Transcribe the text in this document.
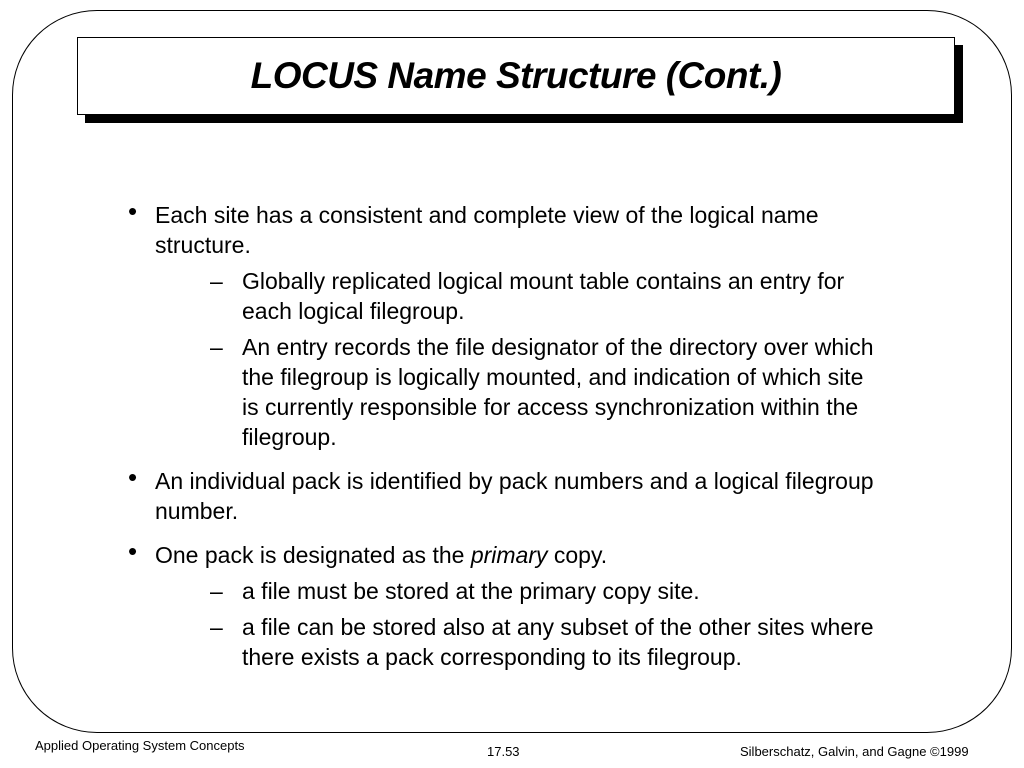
LOCUS Name Structure (Cont.)
• Each site has a consistent and complete view of the logical name structure.
– Globally replicated logical mount table contains an entry for each logical filegroup.
– An entry records the file designator of the directory over which the filegroup is logically mounted, and indication of which site is currently responsible for access synchronization within the filegroup.
• An individual pack is identified by pack numbers and a logical filegroup number.
• One pack is designated as the primary copy.
– a file must be stored at the primary copy site.
– a file can be stored also at any subset of the other sites where there exists a pack corresponding to its filegroup.
Applied Operating System Concepts	17.53	Silberschatz, Galvin, and Gagne ©1999
